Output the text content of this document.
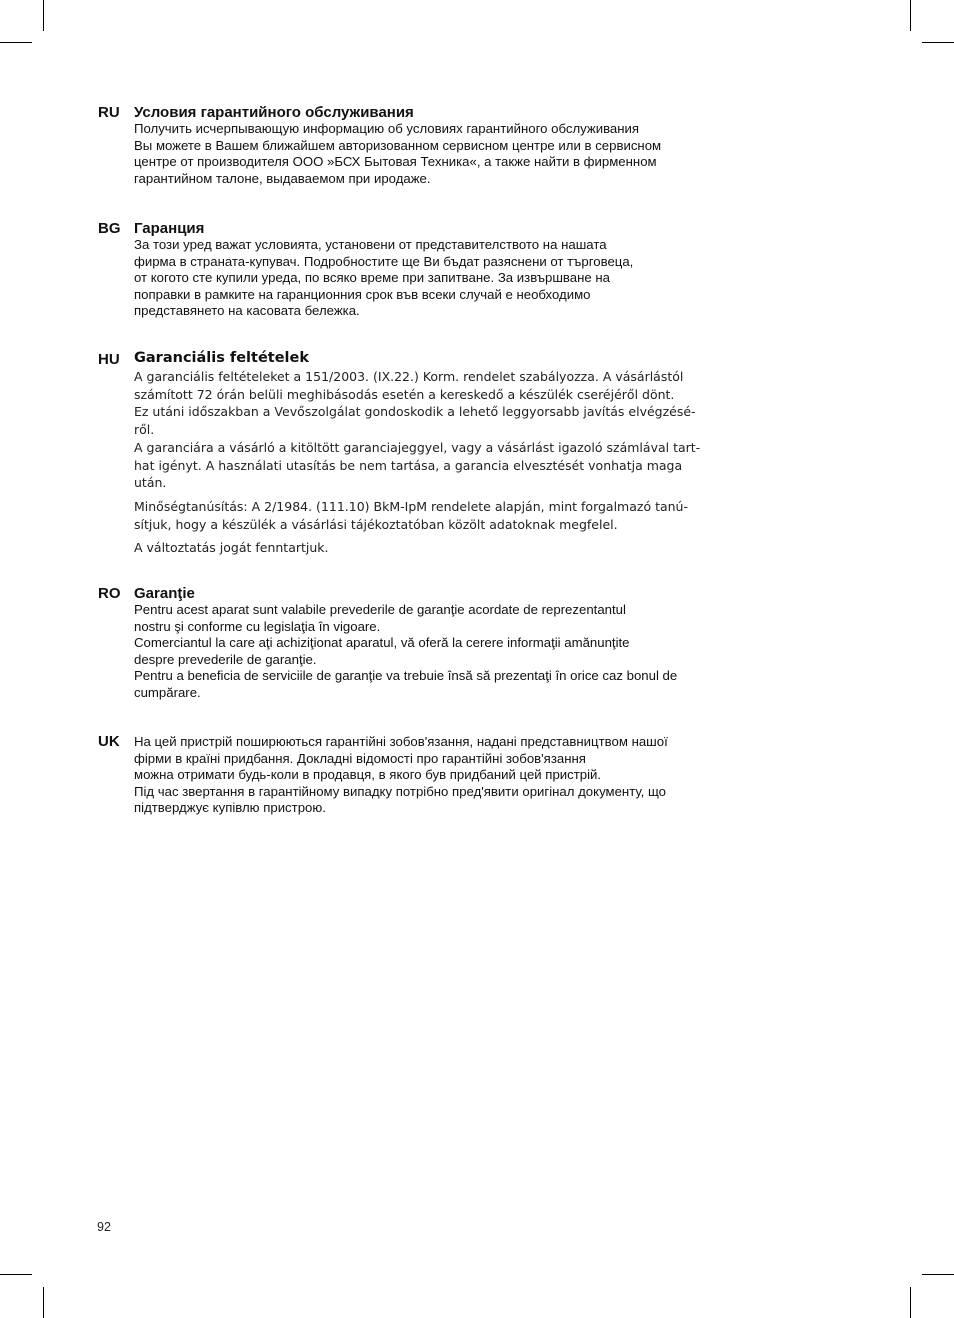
RU Условия гарантийного обслуживания

Получить исчерпывающую информацию об условиях гарантийного обслуживания
Вы можете в Вашем ближайшем авторизованном сервисном центре или в сервисном
центре от производителя ООО »БСХ Бытовая Техника«, а также найти в фирменном
гарантийном талоне, выдаваемом при иродаже.

BG Гаранция

За този уред важат условията, установени от представителството на нашата
фирма в страната-купувач. Подробностите ще Ви бъдат разяснени от търговеца,
от когото сте купили уреда, по всяко време при запитване. За извършване на
поправки в рамките на гаранционния срок във всеки случай е необходимо
представянето на касовата бележка.

HU Garanciális feltételek

A garanciális feltételeket a 151/2003. (IX.22.) Korm. rendelet szabályozza. A vásárlástól
számított 72 órán belüli meghibásodás esetén a kereskedő a készülék cseréjéről dönt.
Ez utáni időszakban a Vevőszolgálat gondoskodik a lehető leggyorsabb javítás elvégzésé-
ről.
A garanciára a vásárló a kitöltött garanciajeggyel, vagy a vásárlást igazoló számlával tart-
hat igényt. A használati utasítás be nem tartása, a garancia elvesztését vonhatja maga
után.

Minőségtanúsítás: A 2/1984. (111.10) BkM-IpM rendelete alapján, mint forgalmazó tanú-
sítjuk, hogy a készülék a vásárlási tájékoztatóban közölt adatoknak megfelel.

A változtatás jogát fenntartjuk.

RO Garanţie

Pentru acest aparat sunt valabile prevederile de garanţie acordate de reprezentantul
nostru şi conforme cu legislaţia în vigoare.
Comerciantul la care aţi achiziţionat aparatul, vă oferă la cerere informaţii amănunţite
despre prevederile de garanţie.
Pentru a beneficia de serviciile de garanţie va trebuie însă să prezentaţi în orice caz bonul de
cumpărare.

UK На цей пристрій поширюються гарантійні зобов'язання, надані представництвом нашої
фірми в країні придбання. Докладні відомості про гарантійні зобов'язання
можна отримати будь-коли в продавця, в якого був придбаний цей пристрій.
Під час звертання в гарантійному випадку потрібно пред'явити оригінал документу, що
підтверджує купівлю пристрою.

92
